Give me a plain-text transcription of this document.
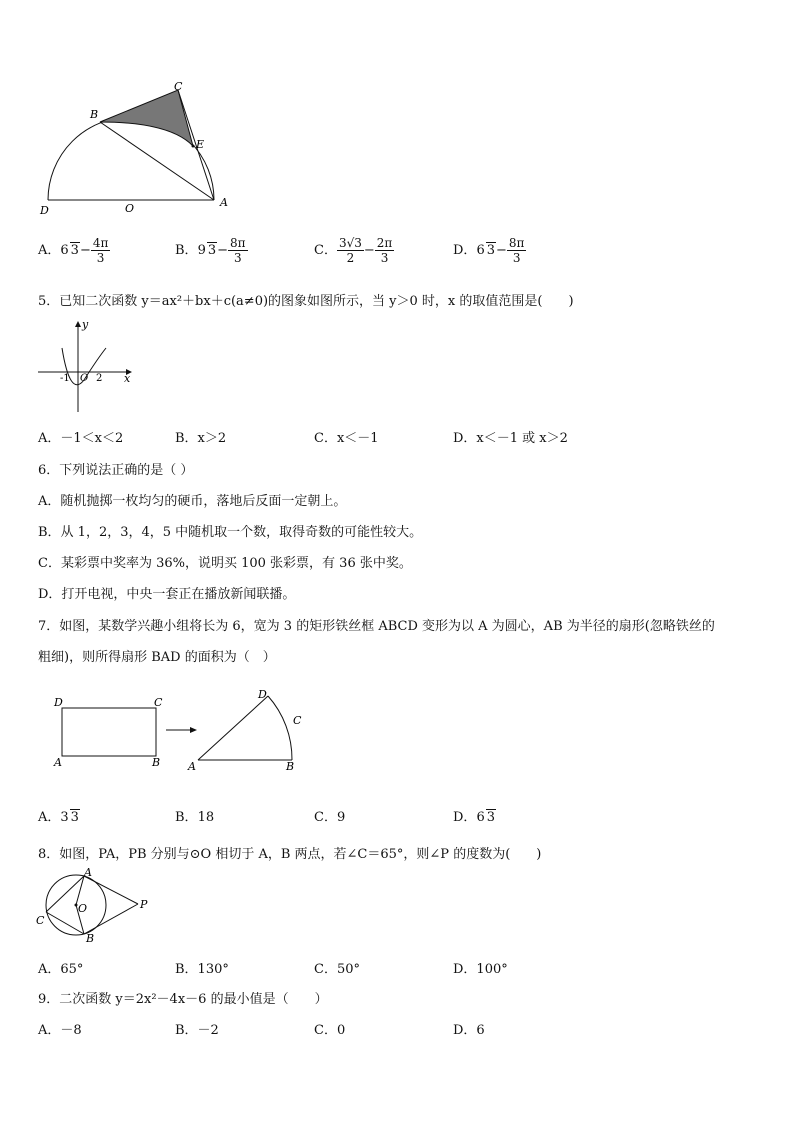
B
C
E
D	O	A
A．6 $3- \frac{4\pi}{3}$	B．9 $3- \frac{8\pi}{3}$	C． $\frac{3√3}{2} - \frac{2\pi}{3}$	D．6 $3- \frac{8\pi}{3}$
5．已知二次函数 y＝ax²＋bx＋c(a≠0)的图象如图所示，当 y＞0 时，x 的取值范围是(　　)
y
x
-1 O 2
A．－1＜x＜2	B．x＞2	C．x＜－1	D．x＜－1 或 x＞2
6．下列说法正确的是（ ）
A．随机抛掷一枚均匀的硬币，落地后反面一定朝上。
B．从 1，2，3，4，5 中随机取一个数，取得奇数的可能性较大。
C．某彩票中奖率为 36%，说明买 100 张彩票，有 36 张中奖。
D．打开电视，中央一套正在播放新闻联播。
7．如图，某数学兴趣小组将长为 6，宽为 3 的矩形铁丝框 ABCD 变形为以 A 为圆心，AB 为半径的扇形(忽略铁丝的
粗细)，则所得扇形 BAD 的面积为（　）
D	C
A	B
D
C
A	B
A．3 3	B．18	C．9	D．6 3
8．如图，PA，PB 分别与⊙O 相切于 A，B 两点，若∠C＝65°，则∠P 的度数为(　　)
A
C
O	P
B
A．65°	B．130°	C．50°	D．100°
9．二次函数 y＝2x²－4x－6 的最小值是（　　）
A．－8	B．－2	C．0	D．6
